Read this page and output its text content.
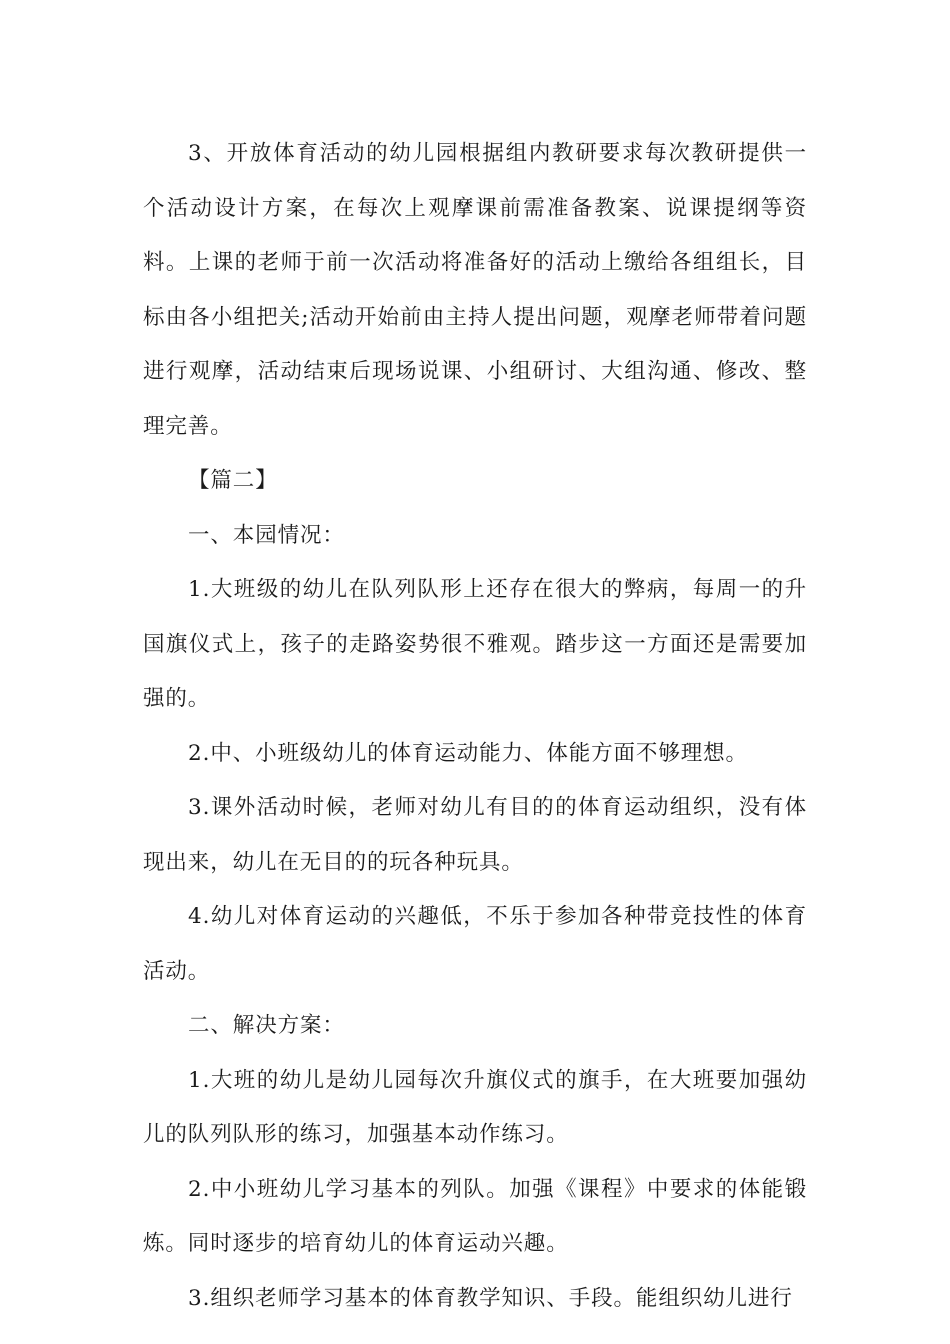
3、开放体育活动的幼儿园根据组内教研要求每次教研提供一个活动设计方案，在每次上观摩课前需准备教案、说课提纲等资料。上课的老师于前一次活动将准备好的活动上缴给各组组长，目标由各小组把关;活动开始前由主持人提出问题，观摩老师带着问题进行观摩，活动结束后现场说课、小组研讨、大组沟通、修改、整理完善。

【篇二】

一、本园情况：

1.大班级的幼儿在队列队形上还存在很大的弊病，每周一的升国旗仪式上，孩子的走路姿势很不雅观。踏步这一方面还是需要加强的。

2.中、小班级幼儿的体育运动能力、体能方面不够理想。

3.课外活动时候，老师对幼儿有目的的体育运动组织，没有体现出来，幼儿在无目的的玩各种玩具。

4.幼儿对体育运动的兴趣低，不乐于参加各种带竞技性的体育活动。

二、解决方案：

1.大班的幼儿是幼儿园每次升旗仪式的旗手，在大班要加强幼儿的队列队形的练习，加强基本动作练习。

2.中小班幼儿学习基本的列队。加强《课程》中要求的体能锻炼。同时逐步的培育幼儿的体育运动兴趣。

3.组织老师学习基本的体育教学知识、手段。能组织幼儿进行
